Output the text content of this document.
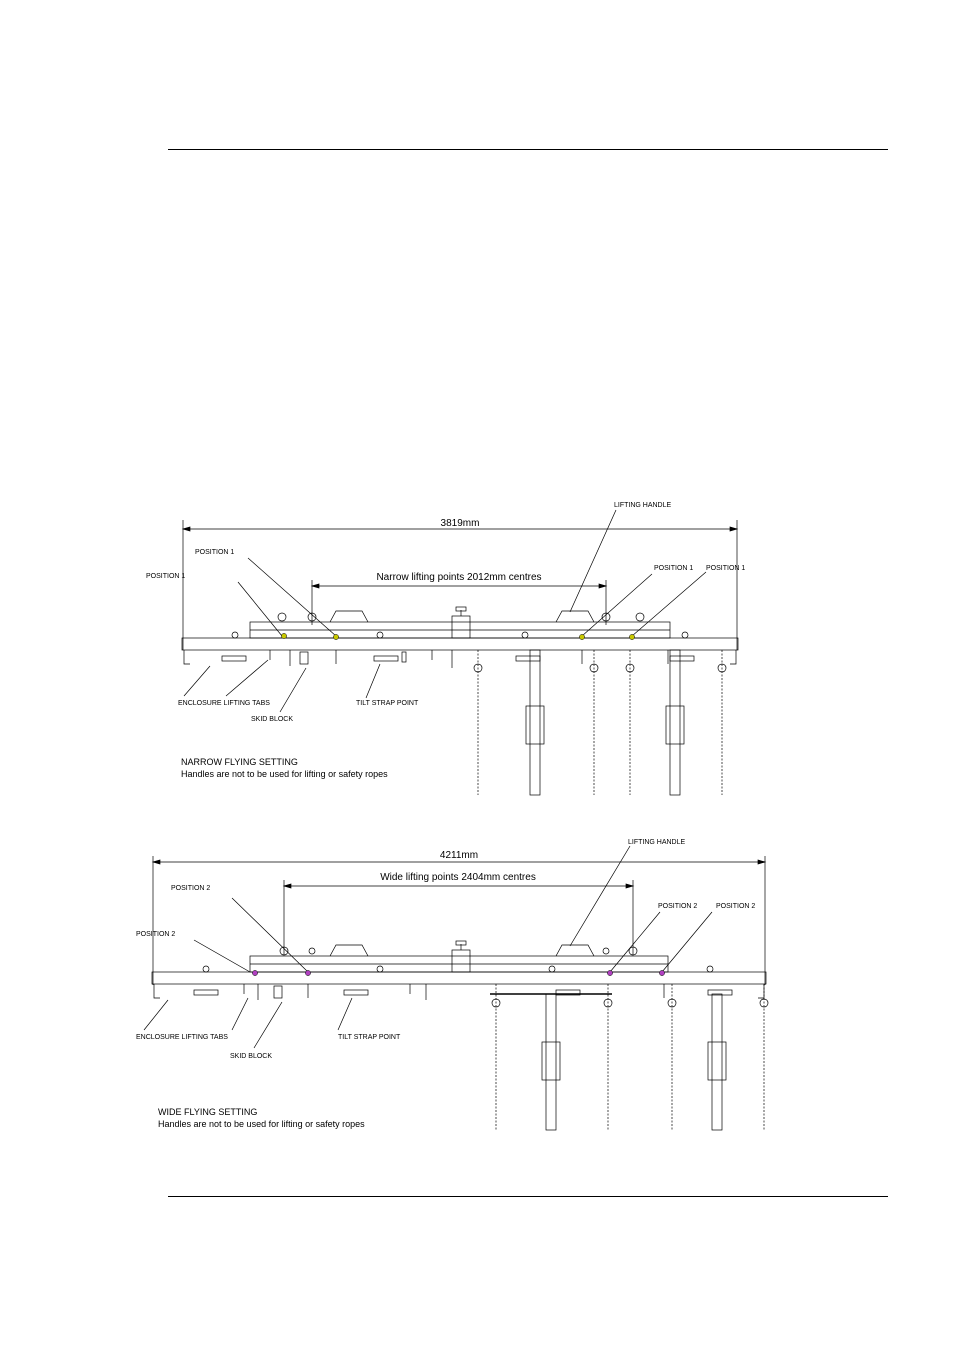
LIFTING HANDLE
3819mm
Narrow lifting points 2012mm centres
POSITION 1
POSITION 1
POSITION 1 POSITION 1
ENCLOSURE LIFTING TABS
SKID BLOCK
TILT STRAP POINT
NARROW FLYING SETTING
Handles are not to be used for lifting or safety ropes
LIFTING HANDLE
4211mm
Wide lifting points 2404mm centres
POSITION 2
POSITION 2
POSITION 2	POSITION 2
ENCLOSURE LIFTING TABS
SKID BLOCK
TILT STRAP POINT
WIDE FLYING SETTING
Handles are not to be used for lifting or safety ropes
